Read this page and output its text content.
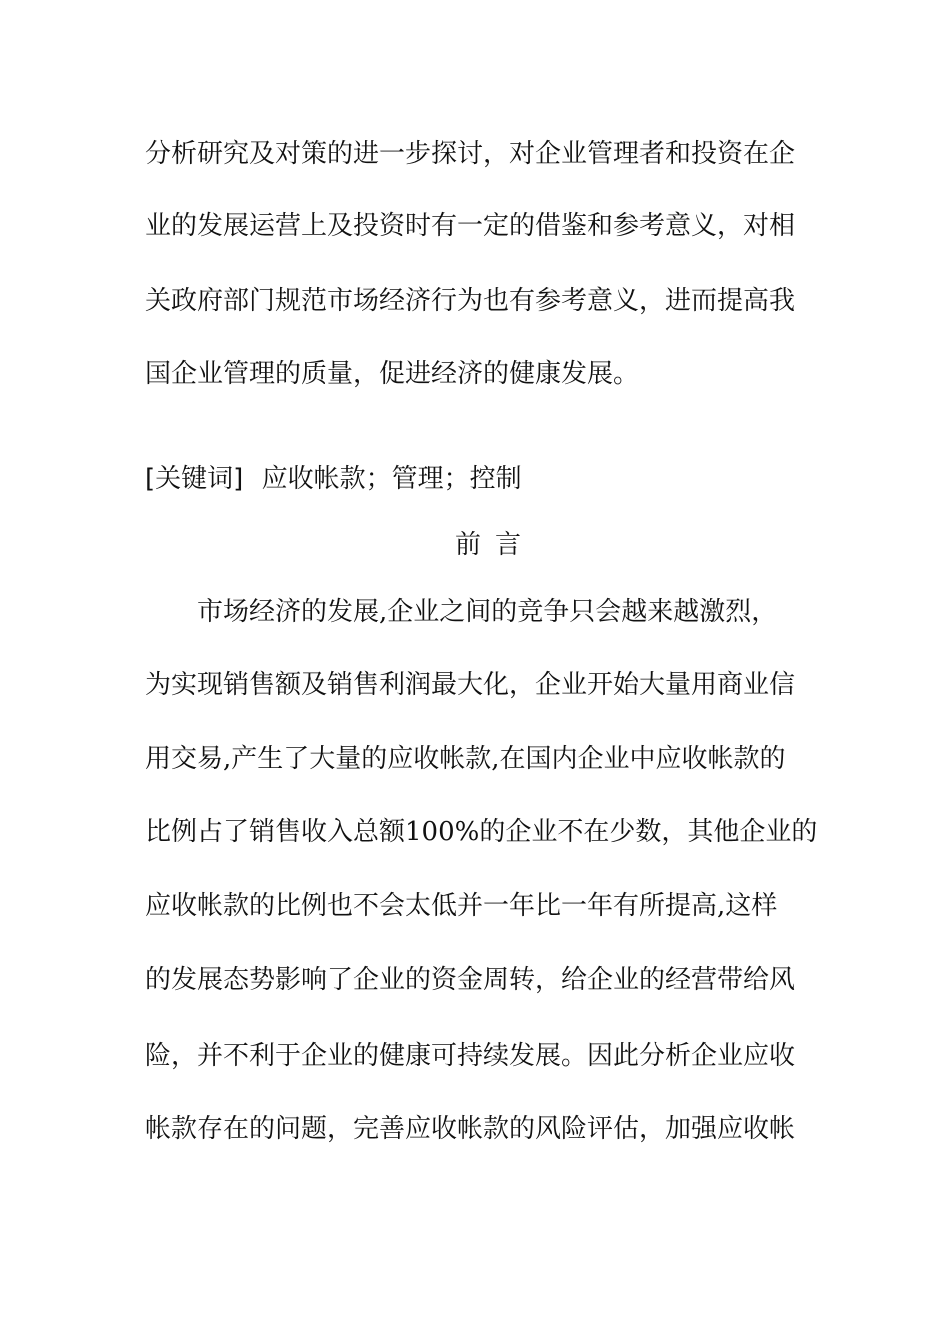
分析研究及对策的进一步探讨，对企业管理者和投资在企
业的发展运营上及投资时有一定的借鉴和参考意义，对相
关政府部门规范市场经济行为也有参考意义，进而提高我
国企业管理的质量，促进经济的健康发展。
[关键词] 应收帐款；管理；控制
前言
市场经济的发展,企业之间的竞争只会越来越激烈，
为实现销售额及销售利润最大化，企业开始大量用商业信
用交易,产生了大量的应收帐款,在国内企业中应收帐款的
比例占了销售收入总额100%的企业不在少数，其他企业的
应收帐款的比例也不会太低并一年比一年有所提高,这样
的发展态势影响了企业的资金周转，给企业的经营带给风
险，并不利于企业的健康可持续发展。因此分析企业应收
帐款存在的问题，完善应收帐款的风险评估，加强应收帐
